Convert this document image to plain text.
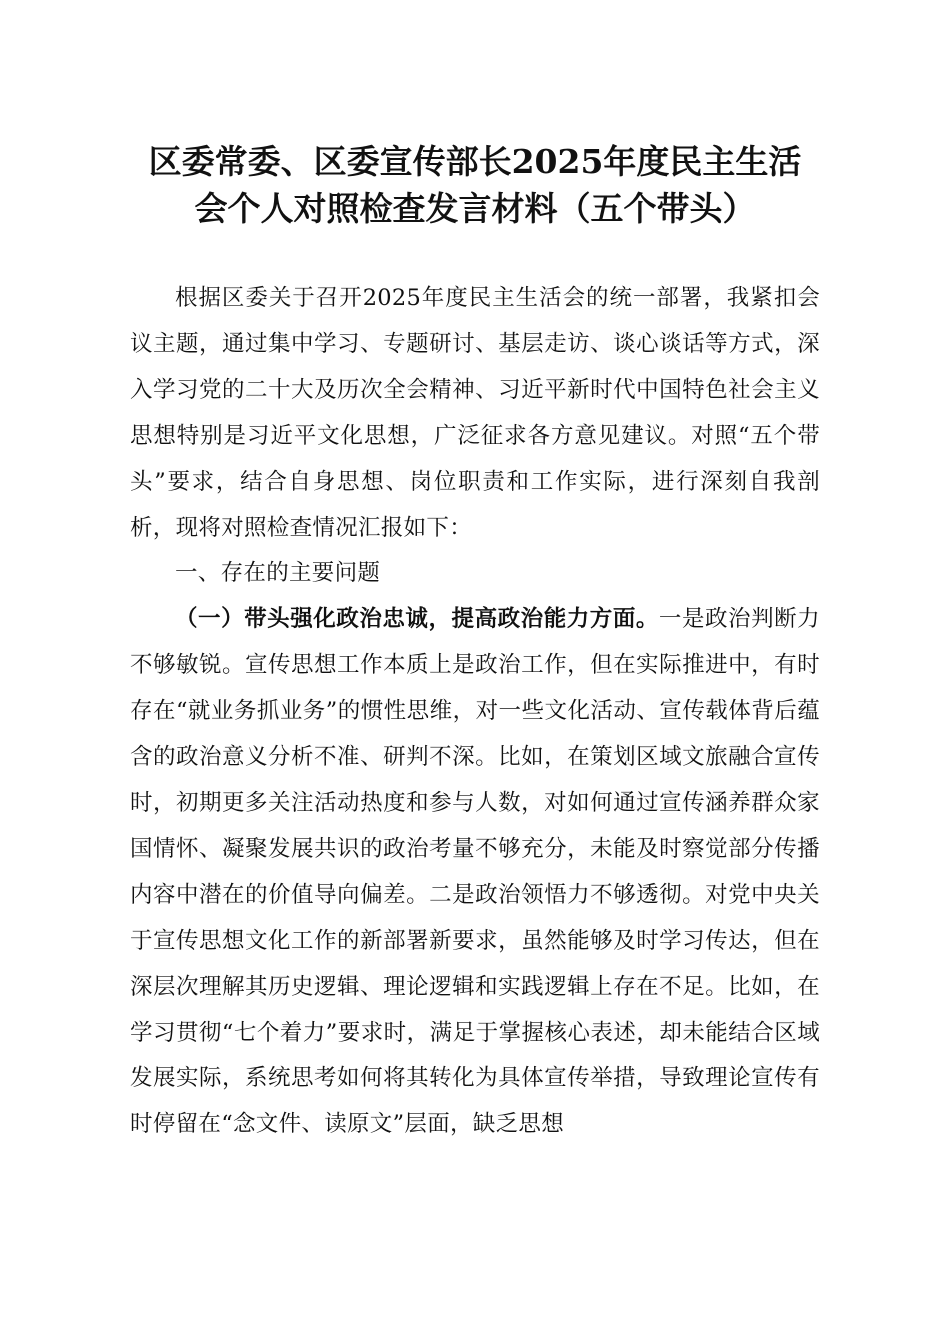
区委常委、区委宣传部长2025年度民主生活
会个人对照检查发言材料（五个带头）

根据区委关于召开2025年度民主生活会的统一部署，我紧扣会议主题，通过集中学习、专题研讨、基层走访、谈心谈话等方式，深入学习党的二十大及历次全会精神、习近平新时代中国特色社会主义思想特别是习近平文化思想，广泛征求各方意见建议。对照“五个带头”要求，结合自身思想、岗位职责和工作实际，进行深刻自我剖析，现将对照检查情况汇报如下：

一、存在的主要问题

（一）带头强化政治忠诚，提高政治能力方面。一是政治判断力不够敏锐。宣传思想工作本质上是政治工作，但在实际推进中，有时存在“就业务抓业务”的惯性思维，对一些文化活动、宣传载体背后蕴含的政治意义分析不准、研判不深。比如，在策划区域文旅融合宣传时，初期更多关注活动热度和参与人数，对如何通过宣传涵养群众家国情怀、凝聚发展共识的政治考量不够充分，未能及时察觉部分传播内容中潜在的价值导向偏差。二是政治领悟力不够透彻。对党中央关于宣传思想文化工作的新部署新要求，虽然能够及时学习传达，但在深层次理解其历史逻辑、理论逻辑和实践逻辑上存在不足。比如，在学习贯彻“七个着力”要求时，满足于掌握核心表述，却未能结合区域发展实际，系统思考如何将其转化为具体宣传举措，导致理论宣传有时停留在“念文件、读原文”层面，缺乏思想
